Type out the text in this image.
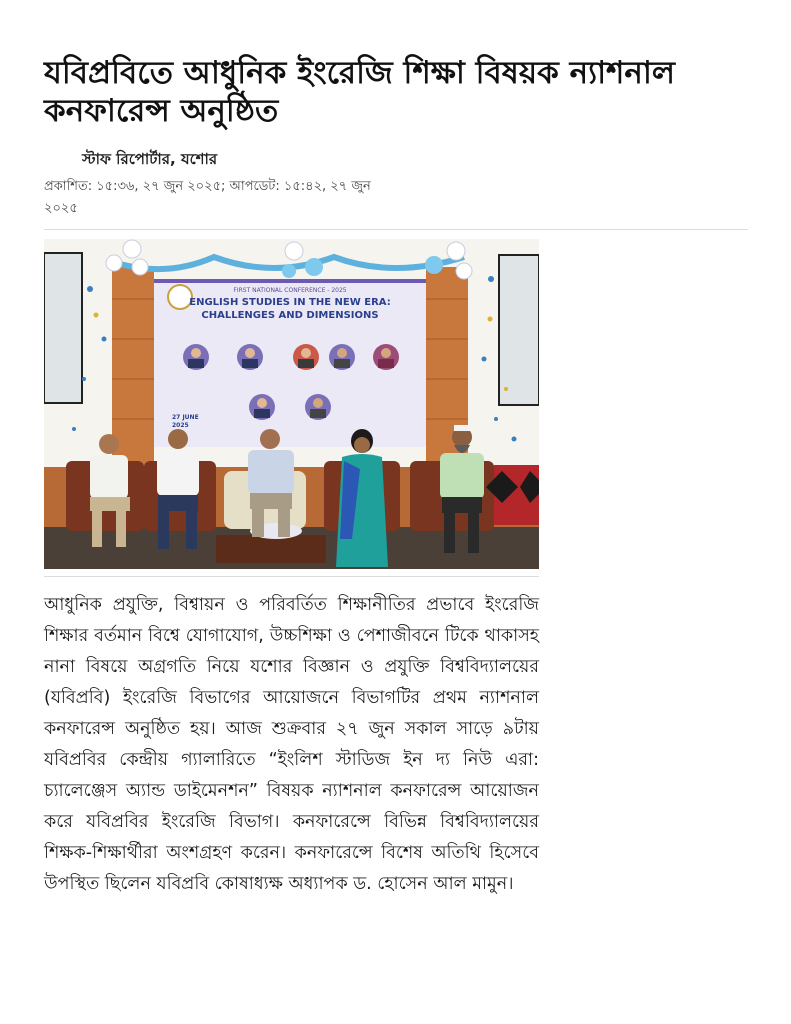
যবিপ্রবিতে আধুনিক ইংরেজি শিক্ষা বিষয়ক ন্যাশনাল কনফারেন্স অনুষ্ঠিত
স্টাফ রিপোর্টার, যশোর
প্রকাশিত: ১৫:৩৬, ২৭ জুন ২০২৫; আপডেট: ১৫:৪২, ২৭ জুন ২০২৫
FIRST NATIONAL CONFERENCE - 2025
ENGLISH STUDIES IN THE NEW ERA:
CHALLENGES AND DIMENSIONS
27 JUNE
2025

আধুনিক প্রযুক্তি, বিশ্বায়ন ও পরিবর্তিত শিক্ষানীতির প্রভাবে ইংরেজি শিক্ষার বর্তমান বিশ্বে যোগাযোগ, উচ্চশিক্ষা ও পেশাজীবনে টিকে থাকাসহ নানা বিষয়ে অগ্রগতি নিয়ে যশোর বিজ্ঞান ও প্রযুক্তি বিশ্ববিদ্যালয়ের (যবিপ্রবি) ইংরেজি বিভাগের আয়োজনে বিভাগটির প্রথম ন্যাশনাল কনফারেন্স অনুষ্ঠিত হয়। আজ শুক্রবার ২৭ জুন সকাল সাড়ে ৯টায় যবিপ্রবির কেন্দ্রীয় গ্যালারিতে “ইংলিশ স্টাডিজ ইন দ্য নিউ এরা: চ্যালেঞ্জেস অ্যান্ড ডাইমেনশন” বিষয়ক ন্যাশনাল কনফারেন্স আয়োজন করে যবিপ্রবির ইংরেজি বিভাগ। কনফারেন্সে বিভিন্ন বিশ্ববিদ্যালয়ের শিক্ষক-শিক্ষার্থীরা অংশগ্রহণ করেন। কনফারেন্সে বিশেষ অতিথি হিসেবে উপস্থিত ছিলেন যবিপ্রবি কোষাধ্যক্ষ অধ্যাপক ড. হোসেন আল মামুন।
